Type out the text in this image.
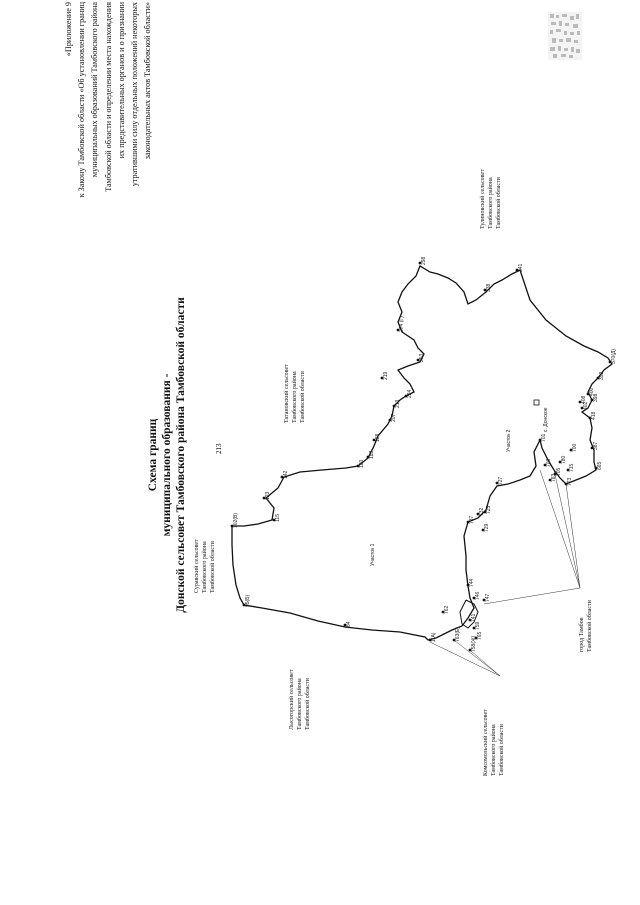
213
с. Донское
Участок 1
Участок 2
1(А)
84
95(Б)
102(В)	115
123
142
180
183
188
207
213
224
219
253
274 (Г)
298
338
341
370(Д)
392
400
402
408 398
418
387
665
700
715
701
703
705
780
773
783
727
725
737
732
729
744
746 747
762
741
759
765
763(Е)
758(Ж)
«Приложение 9 к Закону Тамбовской области «Об установлении границ муниципальных образований Тамбовского района Тамбовской области и определении места нахождения их представительных органов и о признании утратившими силу отдельных положений некоторых законодательных актов Тамбовской области»
Схема границ муниципального образования - Донской сельсовет Тамбовского района Тамбовской области Суравский сельсовет Тамбовского района Тамбовской области
Татановский сельсовет Тамбовского района Тамбовской области
Тулиновский сельсовет Тамбовского района Тамбовской области
Лысогорский сельсовет Тамбовского района Тамбовской области
Комсомольский сельсовет Тамбовского района Тамбовской области
город Тамбов Тамбовской области
